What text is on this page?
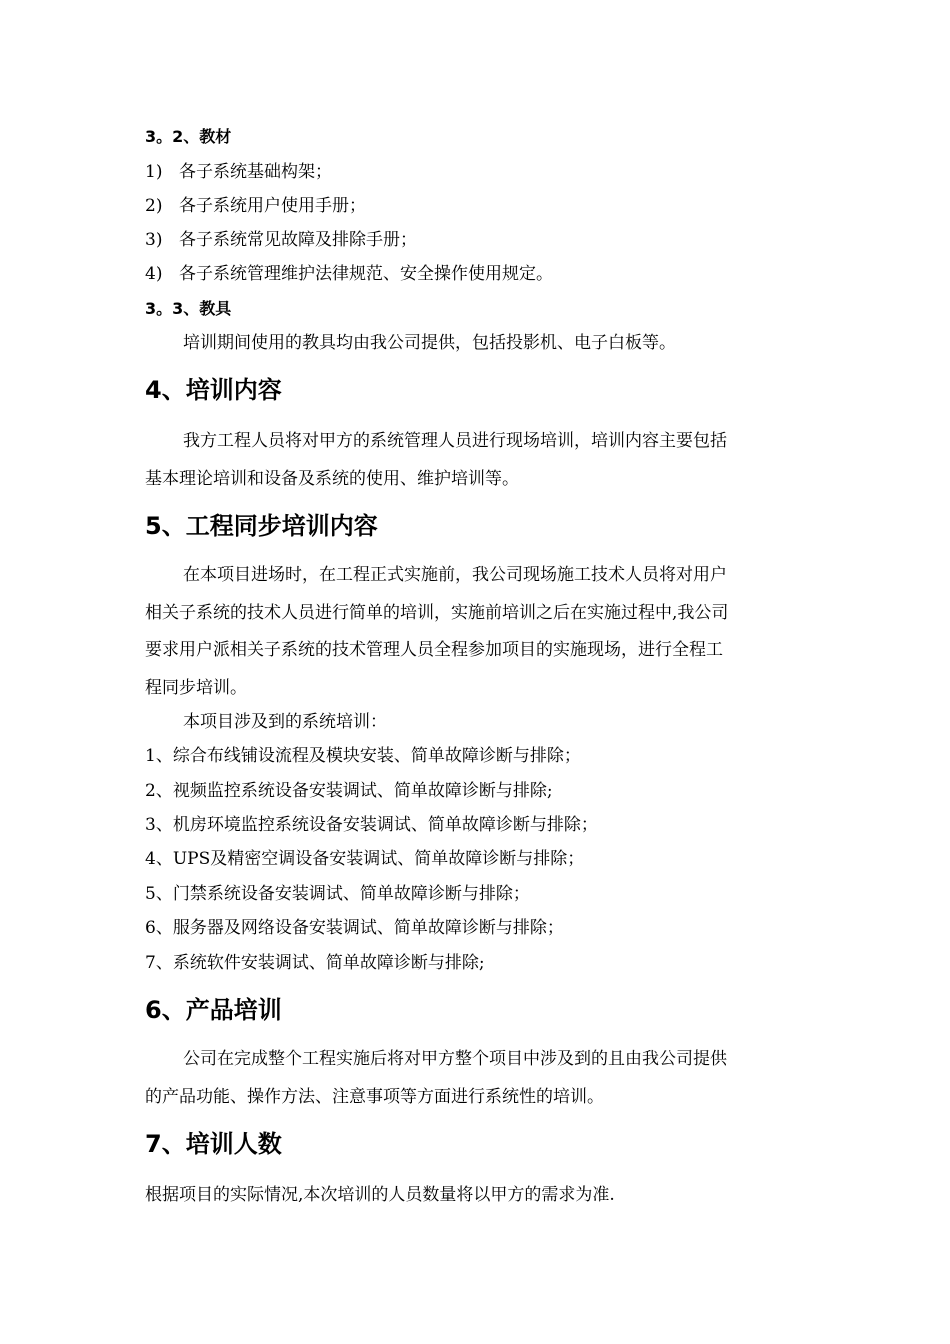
3。2、教材
1) 各子系统基础构架；
2) 各子系统用户使用手册；
3) 各子系统常见故障及排除手册；
4) 各子系统管理维护法律规范、安全操作使用规定。
3。3、教具
培训期间使用的教具均由我公司提供，包括投影机、电子白板等。
4、培训内容
我方工程人员将对甲方的系统管理人员进行现场培训，培训内容主要包括
基本理论培训和设备及系统的使用、维护培训等。
5、工程同步培训内容
在本项目进场时，在工程正式实施前，我公司现场施工技术人员将对用户
相关子系统的技术人员进行简单的培训，实施前培训之后在实施过程中,我公司
要求用户派相关子系统的技术管理人员全程参加项目的实施现场，进行全程工
程同步培训。
本项目涉及到的系统培训：
1、综合布线铺设流程及模块安装、简单故障诊断与排除；
2、视频监控系统设备安装调试、简单故障诊断与排除;
3、机房环境监控系统设备安装调试、简单故障诊断与排除；
4、UPS及精密空调设备安装调试、简单故障诊断与排除；
5、门禁系统设备安装调试、简单故障诊断与排除；
6、服务器及网络设备安装调试、简单故障诊断与排除；
7、系统软件安装调试、简单故障诊断与排除;
6、产品培训
公司在完成整个工程实施后将对甲方整个项目中涉及到的且由我公司提供
的产品功能、操作方法、注意事项等方面进行系统性的培训。
7、培训人数
根据项目的实际情况,本次培训的人员数量将以甲方的需求为准.
